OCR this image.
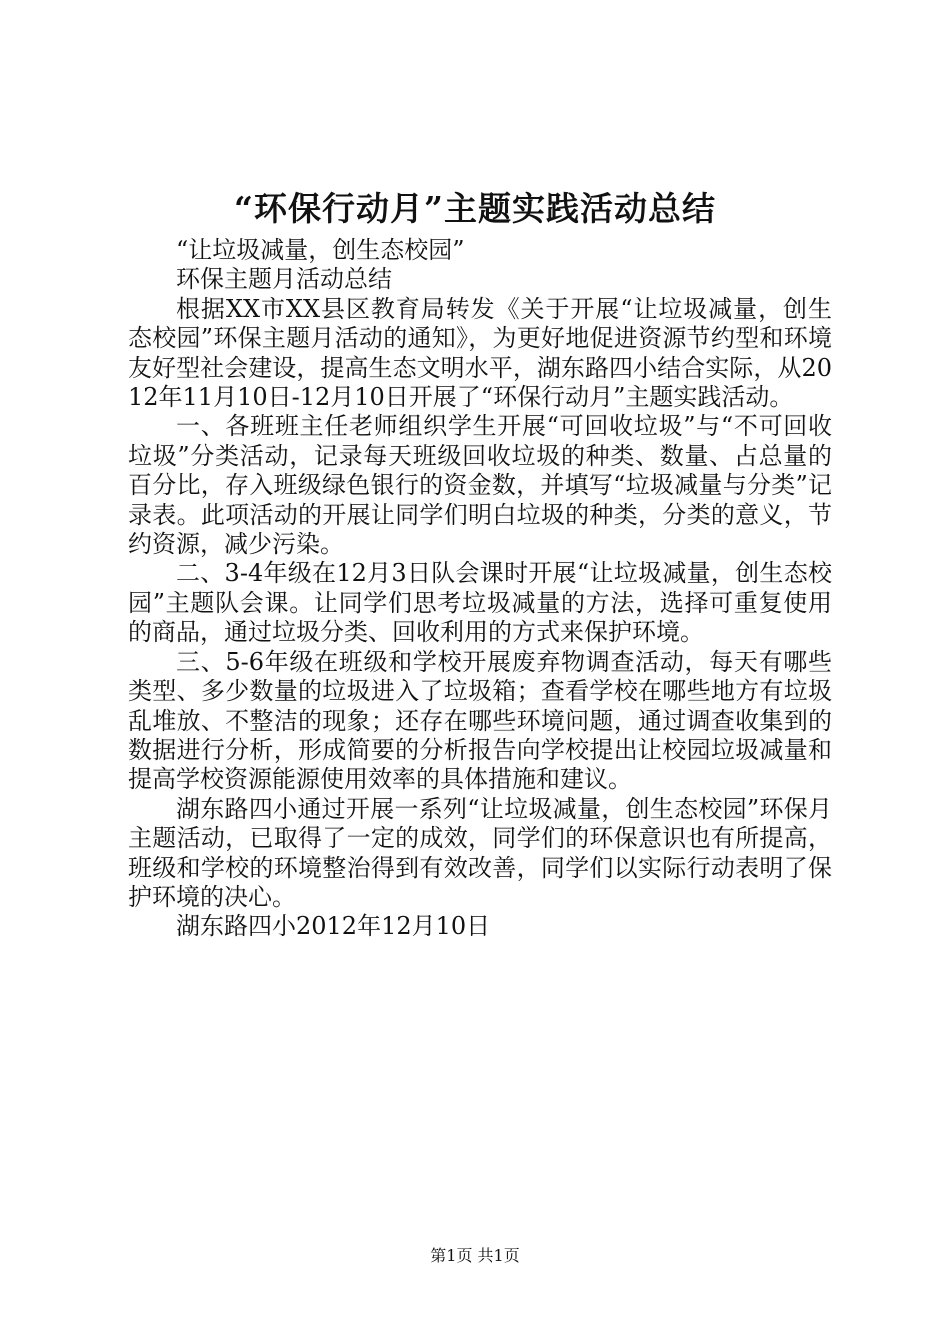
“环保行动月”主题实践活动总结

“让垃圾减量，创生态校园”

环保主题月活动总结

根据XX市XX县区教育局转发《关于开展“让垃圾减量，创生态校园”环保主题月活动的通知》，为更好地促进资源节约型和环境友好型社会建设，提高生态文明水平，湖东路四小结合实际，从2012年11月10日-12月10日开展了“环保行动月”主题实践活动。

一、各班班主任老师组织学生开展“可回收垃圾”与“不可回收垃圾”分类活动，记录每天班级回收垃圾的种类、数量、占总量的百分比，存入班级绿色银行的资金数，并填写“垃圾减量与分类”记录表。此项活动的开展让同学们明白垃圾的种类，分类的意义，节约资源，减少污染。

二、3-4年级在12月3日队会课时开展“让垃圾减量，创生态校园”主题队会课。让同学们思考垃圾减量的方法，选择可重复使用的商品，通过垃圾分类、回收利用的方式来保护环境。

三、5-6年级在班级和学校开展废弃物调查活动，每天有哪些类型、多少数量的垃圾进入了垃圾箱；查看学校在哪些地方有垃圾乱堆放、不整洁的现象；还存在哪些环境问题，通过调查收集到的数据进行分析，形成简要的分析报告向学校提出让校园垃圾减量和提高学校资源能源使用效率的具体措施和建议。

湖东路四小通过开展一系列“让垃圾减量，创生态校园”环保月主题活动，已取得了一定的成效，同学们的环保意识也有所提高，班级和学校的环境整治得到有效改善，同学们以实际行动表明了保护环境的决心。

湖东路四小2012年12月10日

第1页 共1页
